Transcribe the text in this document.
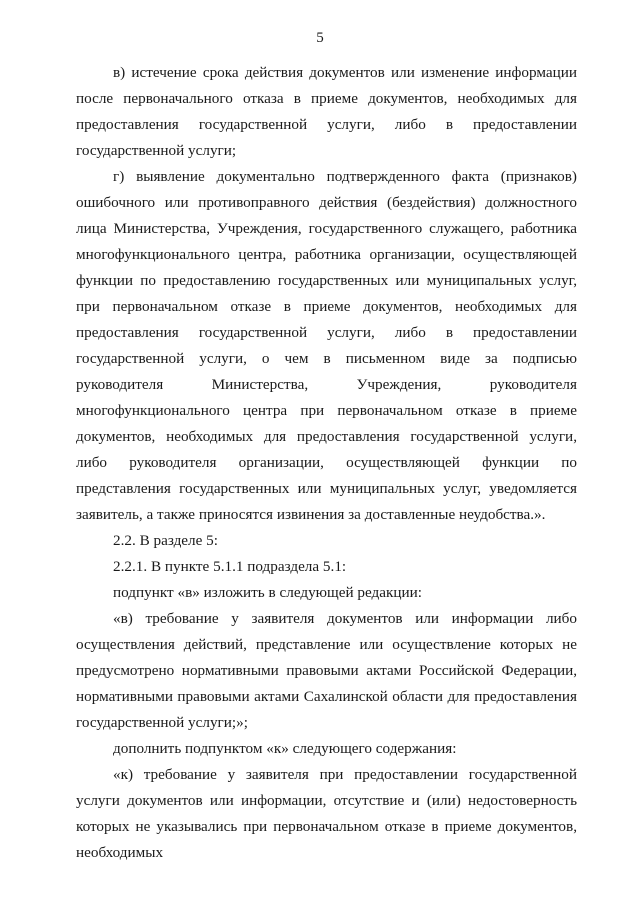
5

в) истечение срока действия документов или изменение информации после первоначального отказа в приеме документов, необходимых для предоставления государственной услуги, либо в предоставлении государственной услуги;

г) выявление документально подтвержденного факта (признаков) ошибочного или противоправного действия (бездействия) должностного лица Министерства, Учреждения, государственного служащего, работника многофункционального центра, работника организации, осуществляющей функции по предоставлению государственных или муниципальных услуг, при первоначальном отказе в приеме документов, необходимых для предоставления государственной услуги, либо в предоставлении государственной услуги, о чем в письменном виде за подписью руководителя Министерства, Учреждения, руководителя многофункционального центра при первоначальном отказе в приеме документов, необходимых для предоставления государственной услуги, либо руководителя организации, осуществляющей функции по представления государственных или муниципальных услуг, уведомляется заявитель, а также приносятся извинения за доставленные неудобства.».

2.2. В разделе 5:

2.2.1. В пункте 5.1.1 подраздела 5.1:

подпункт «в» изложить в следующей редакции:

«в) требование у заявителя документов или информации либо осуществления действий, представление или осуществление которых не предусмотрено нормативными правовыми актами Российской Федерации, нормативными правовыми актами Сахалинской области для предоставления государственной услуги;»;

дополнить подпунктом «к» следующего содержания:

«к) требование у заявителя при предоставлении государственной услуги документов или информации, отсутствие и (или) недостоверность которых не указывались при первоначальном отказе в приеме документов, необходимых
